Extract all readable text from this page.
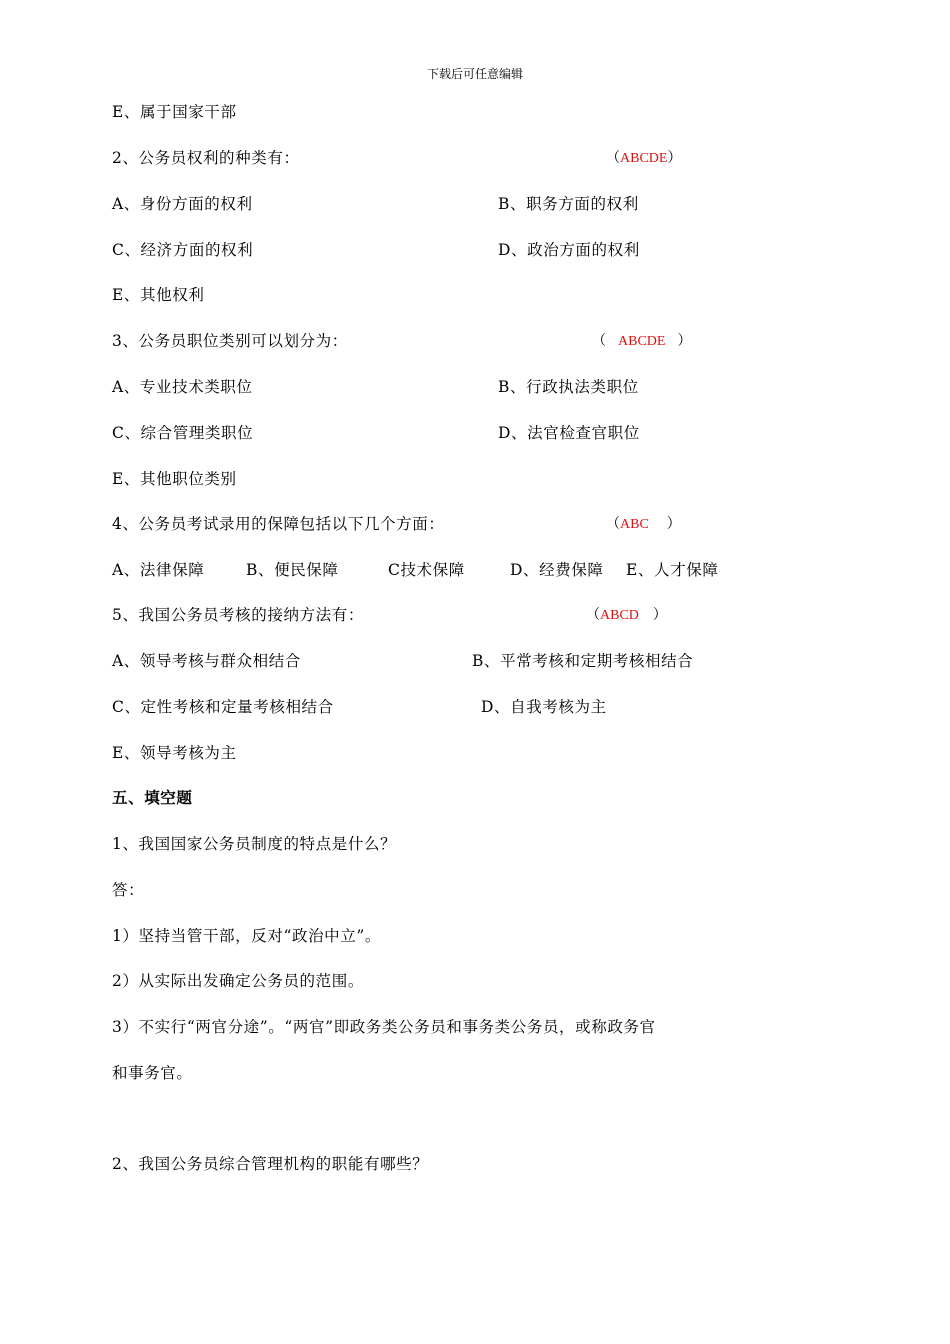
下载后可任意编辑
E、属于国家干部
2、公务员权利的种类有：	（ABCDE）
A、身份方面的权利	B、职务方面的权利
C、经济方面的权利	D、政治方面的权利
E、其他权利
3、公务员职位类别可以划分为：	（ ABCDE ）
A、专业技术类职位	B、行政执法类职位
C、综合管理类职位	D、法官检查官职位
E、其他职位类别
4、公务员考试录用的保障包括以下几个方面：	（ABC ）
A、法律保障	B、便民保障	C技术保障	D、经费保障 E、人才保障
5、我国公务员考核的接纳方法有：	（ABCD ）
A、领导考核与群众相结合	B、平常考核和定期考核相结合
C、定性考核和定量考核相结合	D、自我考核为主
E、领导考核为主
五、填空题
1、我国国家公务员制度的特点是什么？
答：
1）坚持当管干部，反对“政治中立”。
2）从实际出发确定公务员的范围。
3）不实行“两官分途”。“两官”即政务类公务员和事务类公务员，或称政务官
和事务官。
2、我国公务员综合管理机构的职能有哪些？
